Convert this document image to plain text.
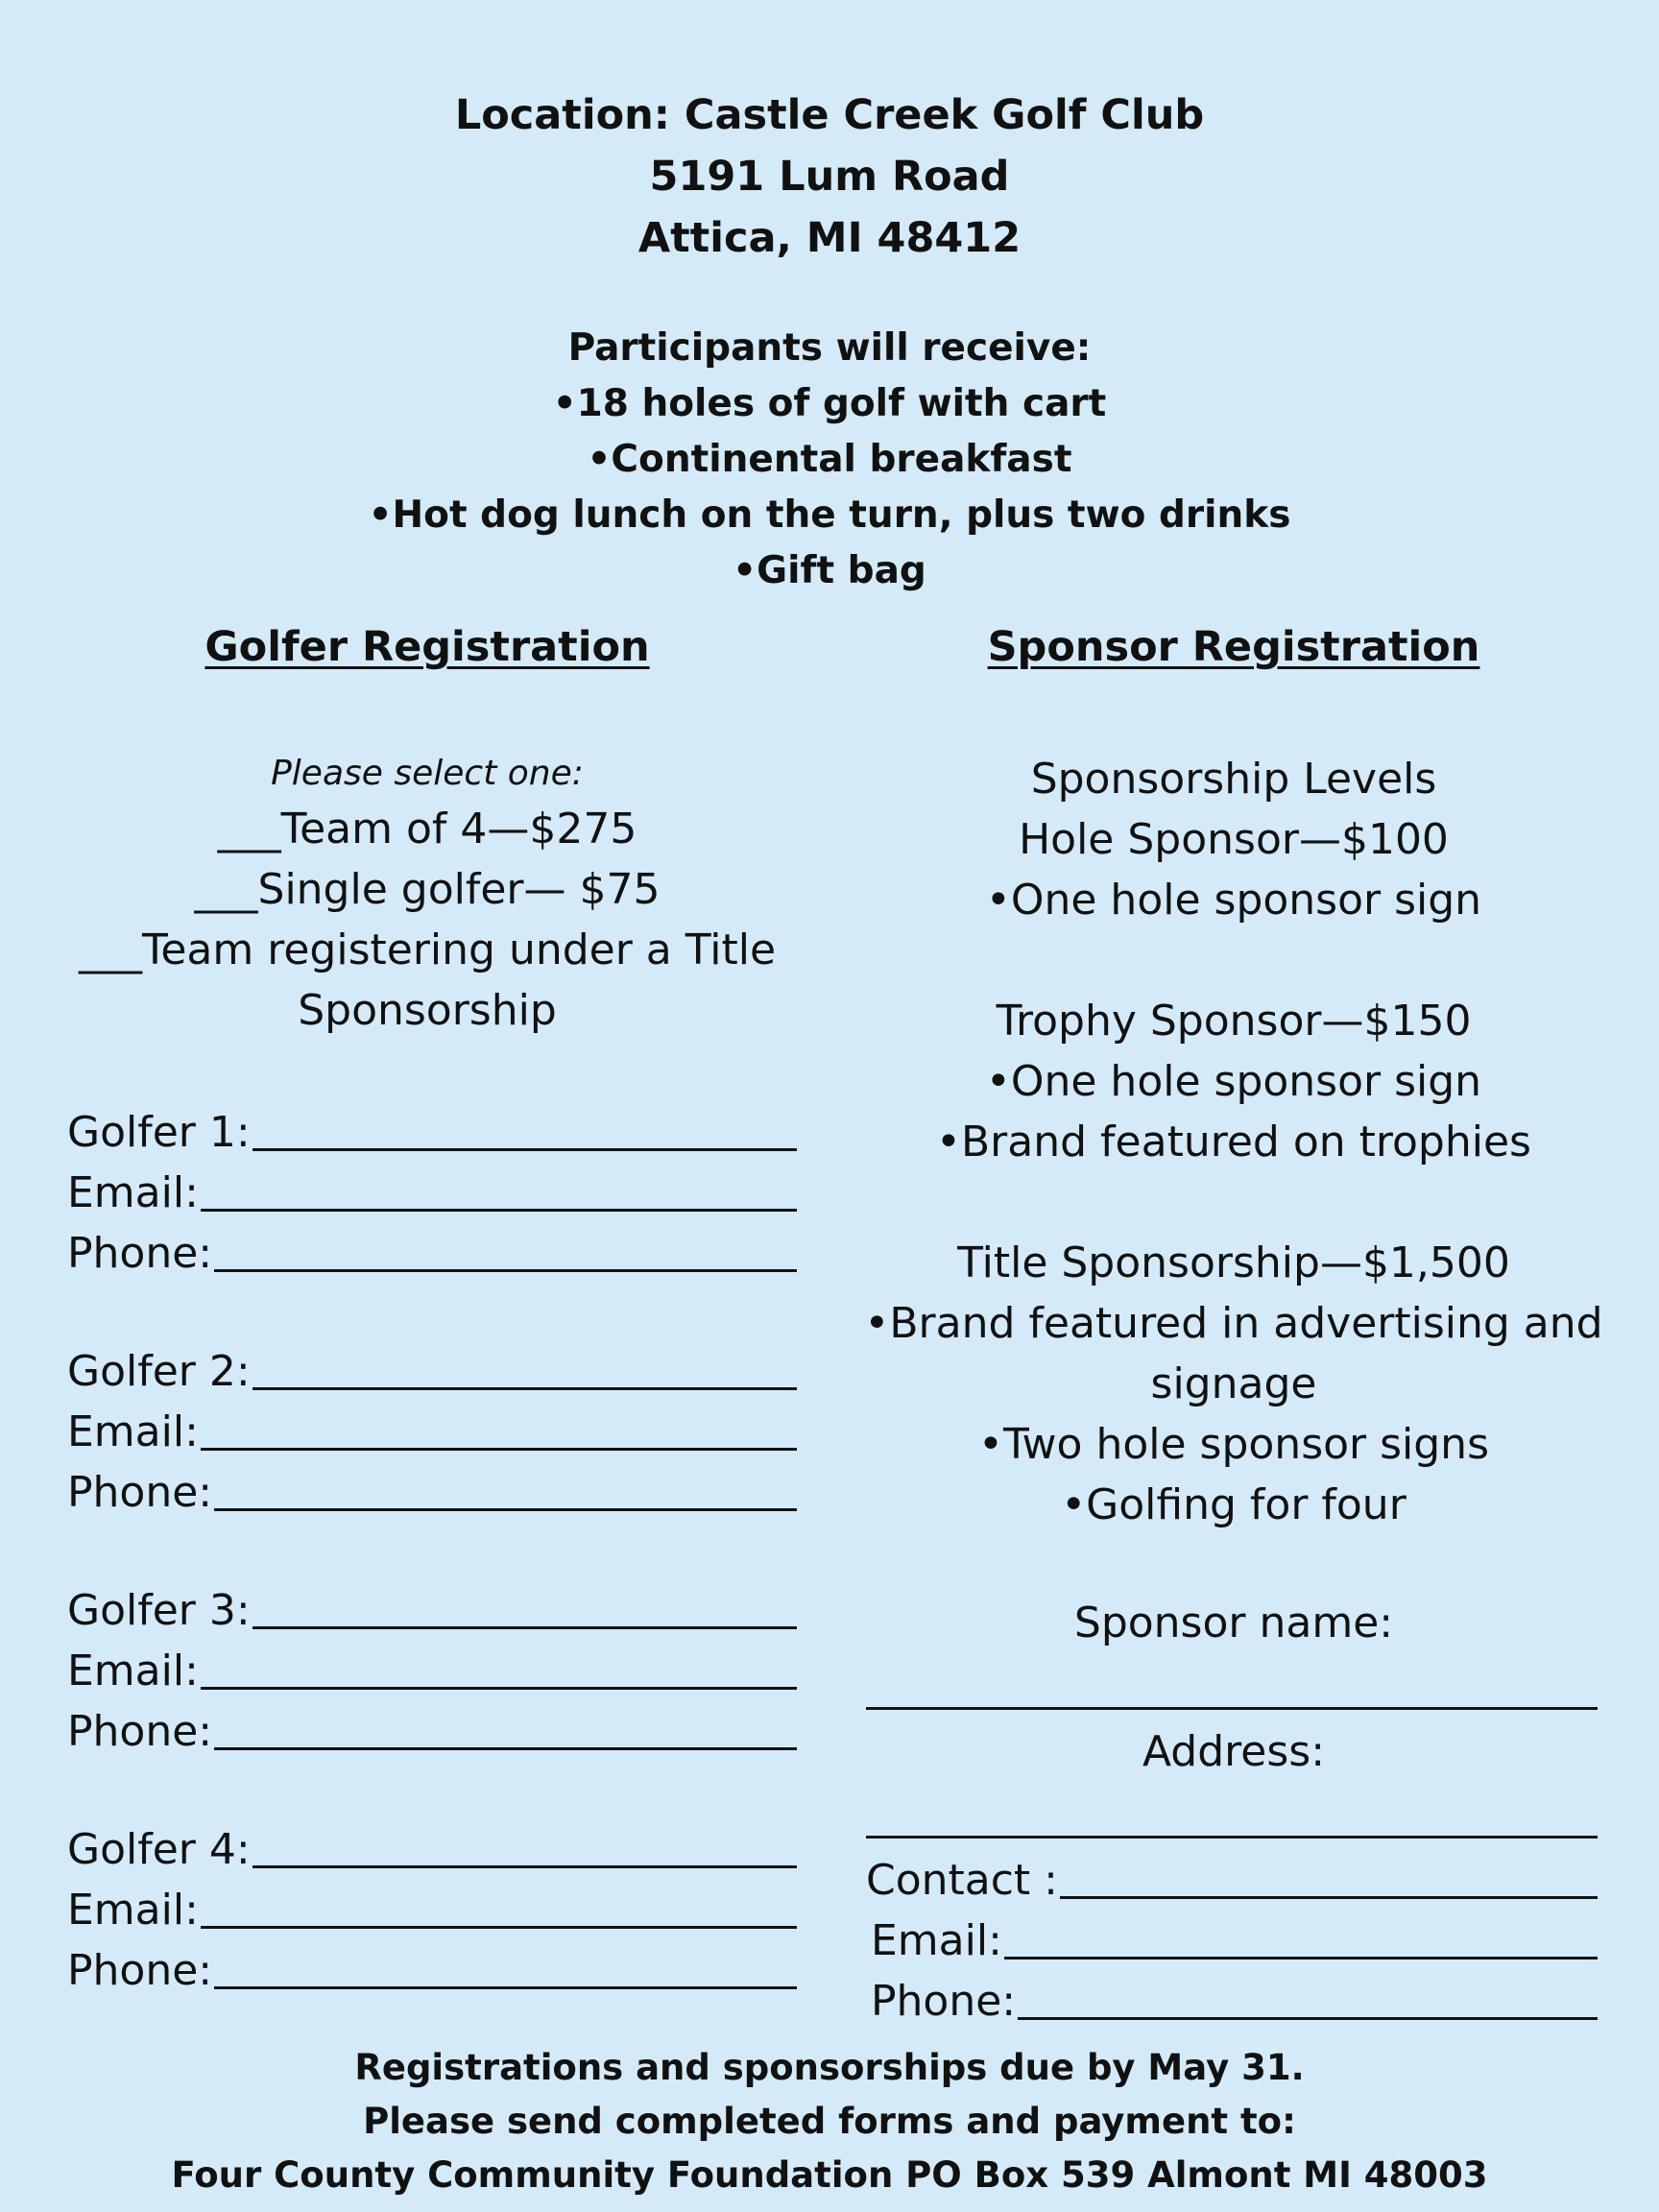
Location: Castle Creek Golf Club
5191 Lum Road
Attica, MI 48412
Participants will receive:
•18 holes of golf with cart
•Continental breakfast
•Hot dog lunch on the turn, plus two drinks
•Gift bag
Golfer Registration
Please select one:
___Team of 4—$275
___Single golfer— $75
___Team registering under a Title
Sponsorship
Golfer 1:
Email:
Phone:
Golfer 2:
Email:
Phone:
Golfer 3:
Email:
Phone:
Golfer 4:
Email:
Phone:
Sponsor Registration
Sponsorship Levels
Hole Sponsor—$100
•One hole sponsor sign
Trophy Sponsor—$150
•One hole sponsor sign
•Brand featured on trophies
Title Sponsorship—$1,500
•Brand featured in advertising and
signage
•Two hole sponsor signs
•Golfing for four
Sponsor name:
Address:
Contact :
Email:
Phone:
Registrations and sponsorships due by May 31.
Please send completed forms and payment to:
Four County Community Foundation PO Box 539 Almont MI 48003
